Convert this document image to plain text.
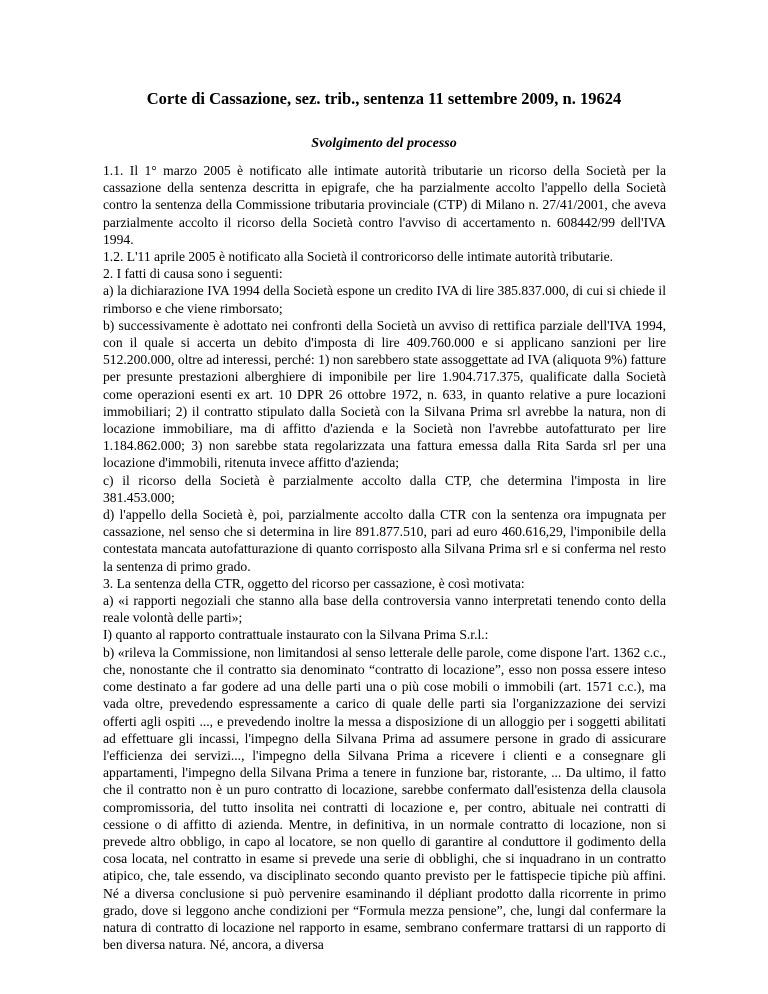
Corte di Cassazione, sez. trib., sentenza 11 settembre 2009, n. 19624
Svolgimento del processo

1.1. Il 1° marzo 2005 è notificato alle intimate autorità tributarie un ricorso della Società per la cassazione della sentenza descritta in epigrafe, che ha parzialmente accolto l'appello della Società contro la sentenza della Commissione tributaria provinciale (CTP) di Milano n. 27/41/2001, che aveva parzialmente accolto il ricorso della Società contro l'avviso di accertamento n. 608442/99 dell'IVA 1994.

1.2. L'11 aprile 2005 è notificato alla Società il controricorso delle intimate autorità tributarie.

2. I fatti di causa sono i seguenti:

a) la dichiarazione IVA 1994 della Società espone un credito IVA di lire 385.837.000, di cui si chiede il rimborso e che viene rimborsato;

b) successivamente è adottato nei confronti della Società un avviso di rettifica parziale dell'IVA 1994, con il quale si accerta un debito d'imposta di lire 409.760.000 e si applicano sanzioni per lire 512.200.000, oltre ad interessi, perché: 1) non sarebbero state assoggettate ad IVA (aliquota 9%) fatture per presunte prestazioni alberghiere di imponibile per lire 1.904.717.375, qualificate dalla Società come operazioni esenti ex art. 10 DPR 26 ottobre 1972, n. 633, in quanto relative a pure locazioni immobiliari; 2) il contratto stipulato dalla Società con la Silvana Prima srl avrebbe la natura, non di locazione immobiliare, ma di affitto d'azienda e la Società non l'avrebbe autofatturato per lire 1.184.862.000; 3) non sarebbe stata regolarizzata una fattura emessa dalla Rita Sarda srl per una locazione d'immobili, ritenuta invece affitto d'azienda;

c) il ricorso della Società è parzialmente accolto dalla CTP, che determina l'imposta in lire 381.453.000;

d) l'appello della Società è, poi, parzialmente accolto dalla CTR con la sentenza ora impugnata per cassazione, nel senso che si determina in lire 891.877.510, pari ad euro 460.616,29, l'imponibile della contestata mancata autofatturazione di quanto corrisposto alla Silvana Prima srl e si conferma nel resto la sentenza di primo grado.

3. La sentenza della CTR, oggetto del ricorso per cassazione, è così motivata:

a) «i rapporti negoziali che stanno alla base della controversia vanno interpretati tenendo conto della reale volontà delle parti»;

I) quanto al rapporto contrattuale instaurato con la Silvana Prima S.r.l.:

b) «rileva la Commissione, non limitandosi al senso letterale delle parole, come dispone l'art. 1362 c.c., che, nonostante che il contratto sia denominato “contratto di locazione”, esso non possa essere inteso come destinato a far godere ad una delle parti una o più cose mobili o immobili (art. 1571 c.c.), ma vada oltre, prevedendo espressamente a carico di quale delle parti sia l'organizzazione dei servizi offerti agli ospiti ..., e prevedendo inoltre la messa a disposizione di un alloggio per i soggetti abilitati ad effettuare gli incassi, l'impegno della Silvana Prima ad assumere persone in grado di assicurare l'efficienza dei servizi..., l'impegno della Silvana Prima a ricevere i clienti e a consegnare gli appartamenti, l'impegno della Silvana Prima a tenere in funzione bar, ristorante, ... Da ultimo, il fatto che il contratto non è un puro contratto di locazione, sarebbe confermato dall'esistenza della clausola compromissoria, del tutto insolita nei contratti di locazione e, per contro, abituale nei contratti di cessione o di affitto di azienda. Mentre, in definitiva, in un normale contratto di locazione, non si prevede altro obbligo, in capo al locatore, se non quello di garantire al conduttore il godimento della cosa locata, nel contratto in esame si prevede una serie di obblighi, che si inquadrano in un contratto atipico, che, tale essendo, va disciplinato secondo quanto previsto per le fattispecie tipiche più affini. Né a diversa conclusione si può pervenire esaminando il dépliant prodotto dalla ricorrente in primo grado, dove si leggono anche condizioni per “Formula mezza pensione”, che, lungi dal confermare la natura di contratto di locazione nel rapporto in esame, sembrano confermare trattarsi di un rapporto di ben diversa natura. Né, ancora, a diversa
